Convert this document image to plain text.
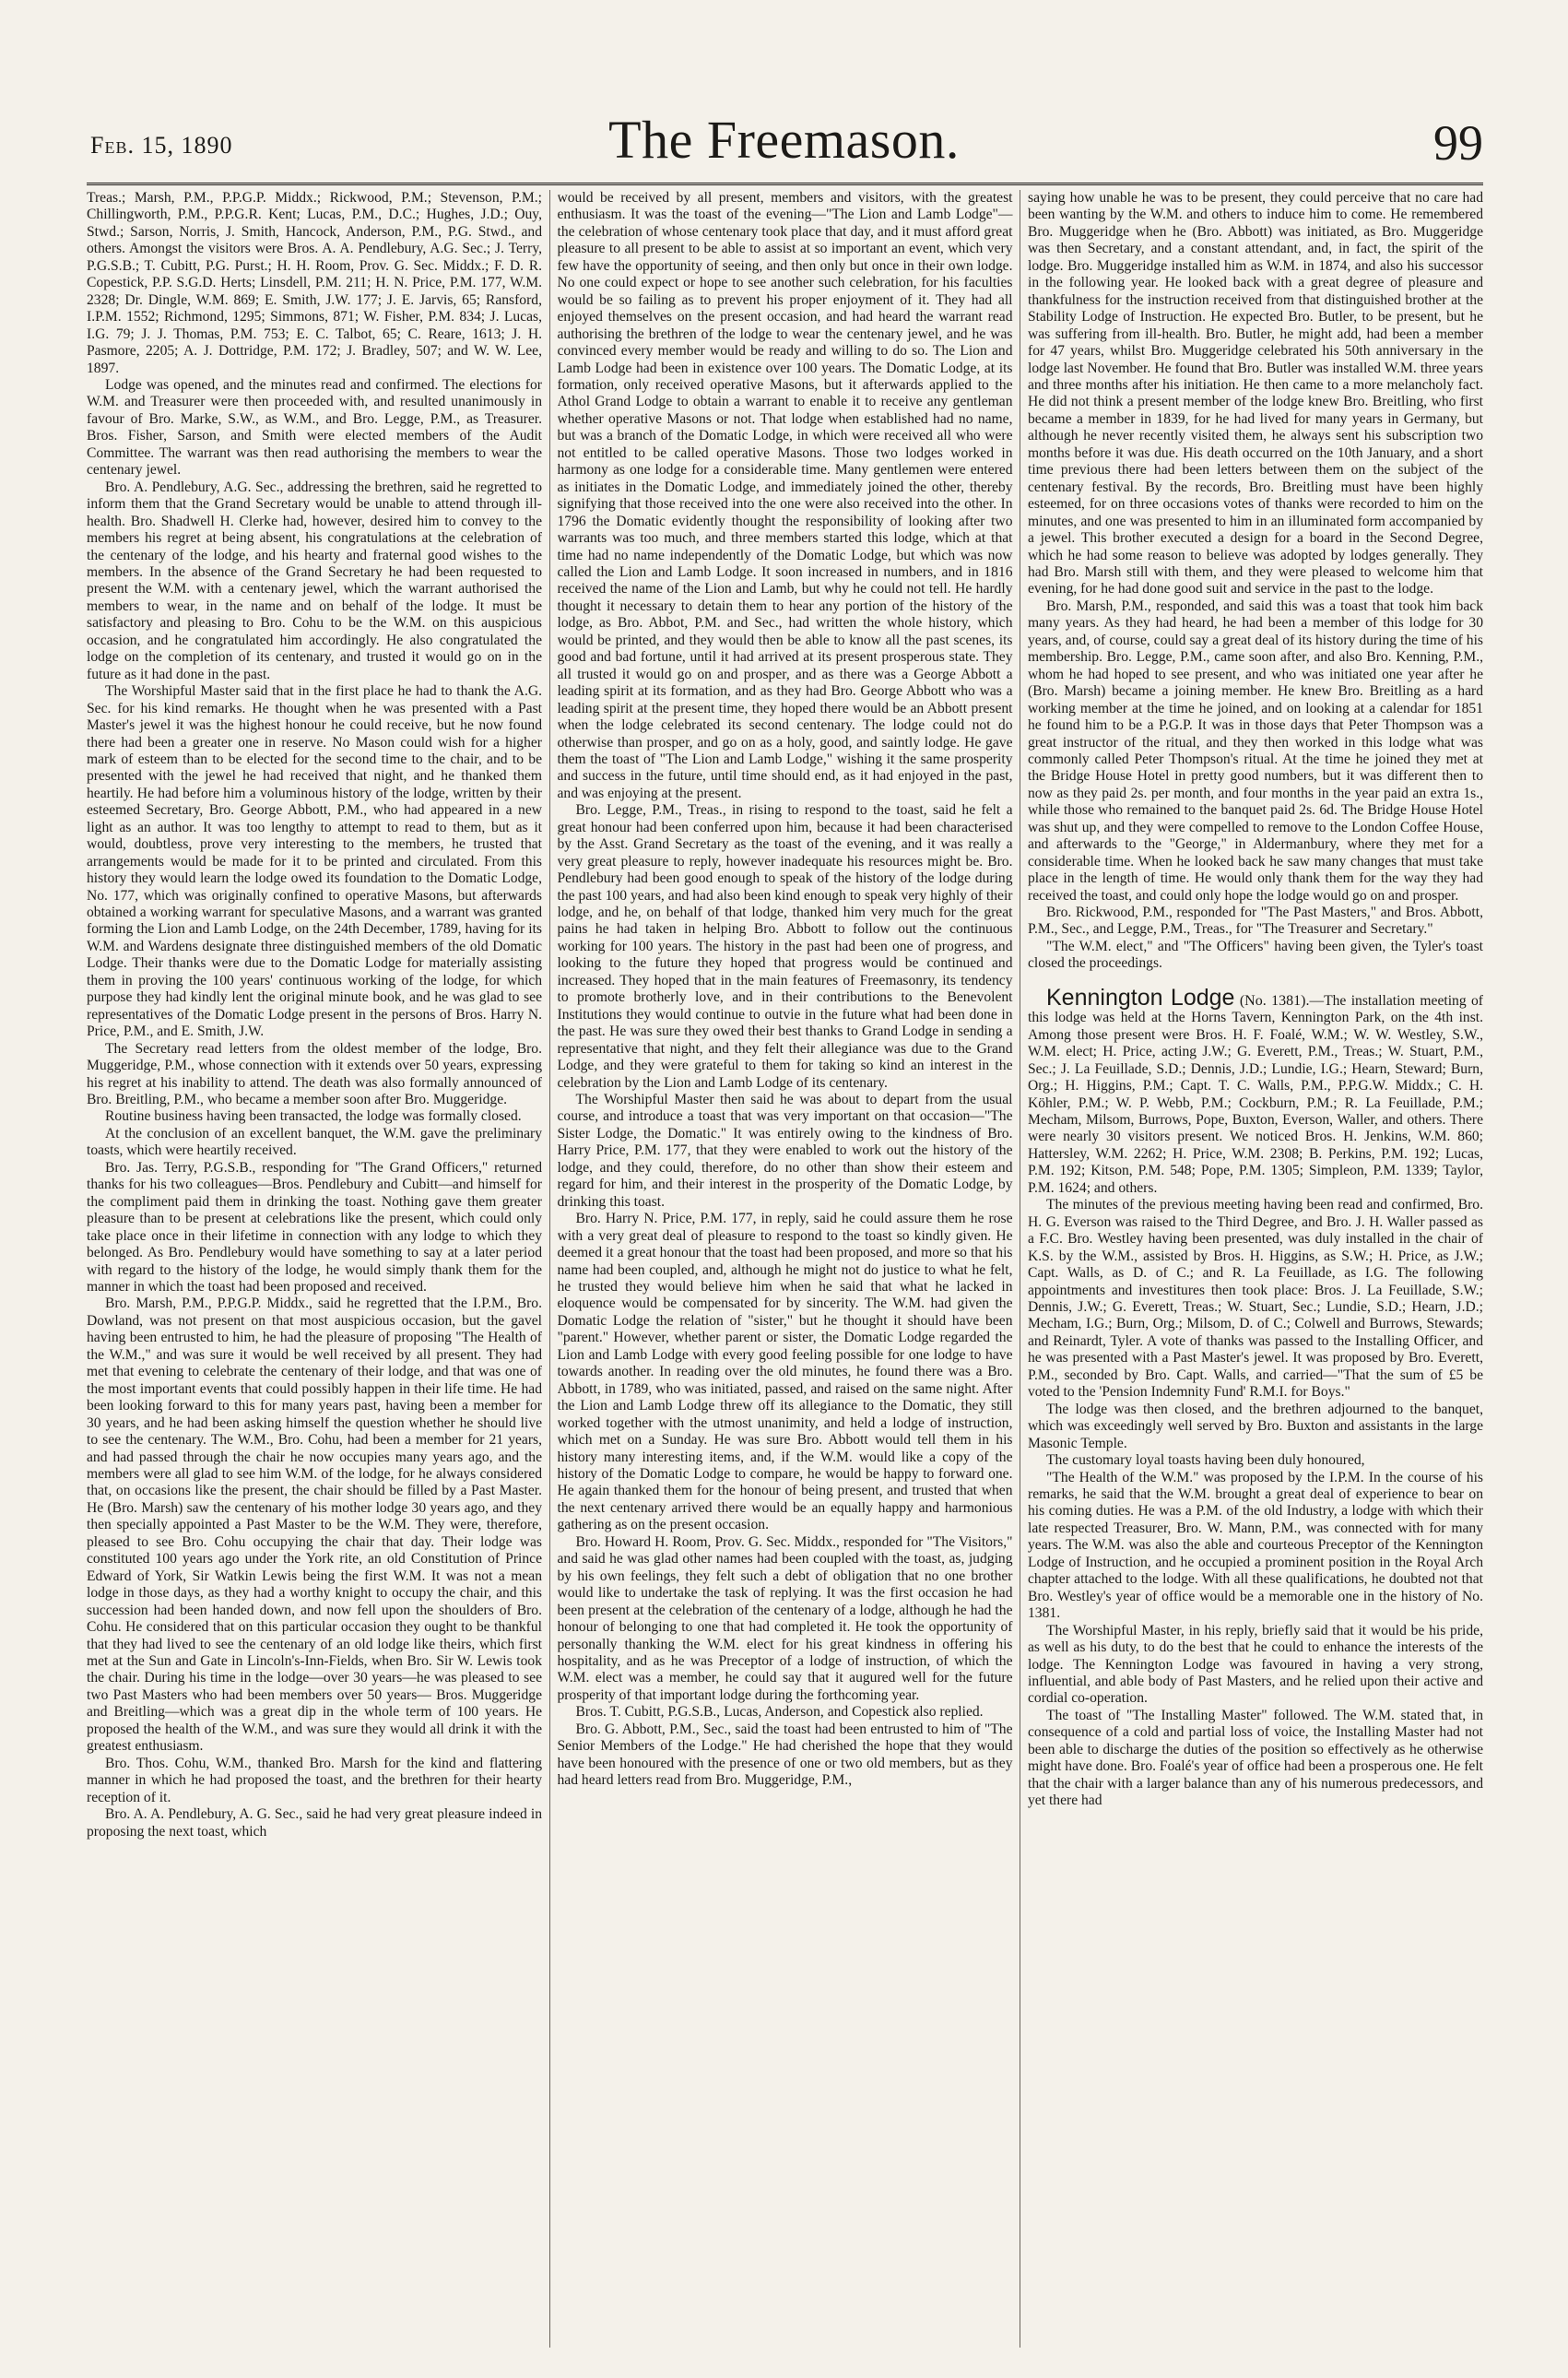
Feb. 15, 1890	The Freemason.	99

Treas.; Marsh, P.M., P.P.G.P. Middx.; Rickwood, P.M.; Stevenson, P.M.; Chillingworth, P.M., P.P.G.R. Kent; Lucas, P.M., D.C.; Hughes, J.D.; Ouy, Stwd.; Sarson, Norris, J. Smith, Hancock, Anderson, P.M., P.G. Stwd., and others. Amongst the visitors were Bros. A. A. Pendlebury, A.G. Sec.; J. Terry, P.G.S.B.; T. Cubitt, P.G. Purst.; H. H. Room, Prov. G. Sec. Middx.; F. D. R. Copestick, P.P. S.G.D. Herts; Linsdell, P.M. 211; H. N. Price, P.M. 177, W.M. 2328; Dr. Dingle, W.M. 869; E. Smith, J.W. 177; J. E. Jarvis, 65; Ransford, I.P.M. 1552; Richmond, 1295; Simmons, 871; W. Fisher, P.M. 834; J. Lucas, I.G. 79; J. J. Thomas, P.M. 753; E. C. Talbot, 65; C. Reare, 1613; J. H. Pasmore, 2205; A. J. Dottridge, P.M. 172; J. Bradley, 507; and W. W. Lee, 1897.

Lodge was opened, and the minutes read and confirmed. The elections for W.M. and Treasurer were then proceeded with, and resulted unanimously in favour of Bro. Marke, S.W., as W.M., and Bro. Legge, P.M., as Treasurer. Bros. Fisher, Sarson, and Smith were elected members of the Audit Committee. The warrant was then read authorising the members to wear the centenary jewel.

Bro. A. Pendlebury, A.G. Sec., addressing the brethren, said he regretted to inform them that the Grand Secretary would be unable to attend through ill-health. Bro. Shadwell H. Clerke had, however, desired him to convey to the members his regret at being absent, his congratulations at the celebration of the centenary of the lodge, and his hearty and fraternal good wishes to the members. In the absence of the Grand Secretary he had been requested to present the W.M. with a centenary jewel, which the warrant authorised the members to wear, in the name and on behalf of the lodge. It must be satisfactory and pleasing to Bro. Cohu to be the W.M. on this auspicious occasion, and he congratulated him accordingly. He also congratulated the lodge on the completion of its centenary, and trusted it would go on in the future as it had done in the past.

The Worshipful Master said that in the first place he had to thank the A.G. Sec. for his kind remarks. He thought when he was presented with a Past Master's jewel it was the highest honour he could receive, but he now found there had been a greater one in reserve. No Mason could wish for a higher mark of esteem than to be elected for the second time to the chair, and to be presented with the jewel he had received that night, and he thanked them heartily. He had before him a voluminous history of the lodge, written by their esteemed Secretary, Bro. George Abbott, P.M., who had appeared in a new light as an author. It was too lengthy to attempt to read to them, but as it would, doubtless, prove very interesting to the members, he trusted that arrangements would be made for it to be printed and circulated. From this history they would learn the lodge owed its foundation to the Domatic Lodge, No. 177, which was originally confined to operative Masons, but afterwards obtained a working warrant for speculative Masons, and a warrant was granted forming the Lion and Lamb Lodge, on the 24th December, 1789, having for its W.M. and Wardens designate three distinguished members of the old Domatic Lodge. Their thanks were due to the Domatic Lodge for materially assisting them in proving the 100 years' continuous working of the lodge, for which purpose they had kindly lent the original minute book, and he was glad to see representatives of the Domatic Lodge present in the persons of Bros. Harry N. Price, P.M., and E. Smith, J.W.

The Secretary read letters from the oldest member of the lodge, Bro. Muggeridge, P.M., whose connection with it extends over 50 years, expressing his regret at his inability to attend. The death was also formally announced of Bro. Breitling, P.M., who became a member soon after Bro. Muggeridge.

Routine business having been transacted, the lodge was formally closed.

At the conclusion of an excellent banquet, the W.M. gave the preliminary toasts, which were heartily received.

Bro. Jas. Terry, P.G.S.B., responding for "The Grand Officers," returned thanks for his two colleagues—Bros. Pendlebury and Cubitt—and himself for the compliment paid them in drinking the toast. Nothing gave them greater pleasure than to be present at celebrations like the present, which could only take place once in their lifetime in connection with any lodge to which they belonged. As Bro. Pendlebury would have something to say at a later period with regard to the history of the lodge, he would simply thank them for the manner in which the toast had been proposed and received.

Bro. Marsh, P.M., P.P.G.P. Middx., said he regretted that the I.P.M., Bro. Dowland, was not present on that most auspicious occasion, but the gavel having been entrusted to him, he had the pleasure of proposing "The Health of the W.M.," and was sure it would be well received by all present. They had met that evening to celebrate the centenary of their lodge, and that was one of the most important events that could possibly happen in their life time. He had been looking forward to this for many years past, having been a member for 30 years, and he had been asking himself the question whether he should live to see the centenary. The W.M., Bro. Cohu, had been a member for 21 years, and had passed through the chair he now occupies many years ago, and the members were all glad to see him W.M. of the lodge, for he always considered that, on occasions like the present, the chair should be filled by a Past Master. He (Bro. Marsh) saw the centenary of his mother lodge 30 years ago, and they then specially appointed a Past Master to be the W.M. They were, therefore, pleased to see Bro. Cohu occupying the chair that day. Their lodge was constituted 100 years ago under the York rite, an old Constitution of Prince Edward of York, Sir Watkin Lewis being the first W.M. It was not a mean lodge in those days, as they had a worthy knight to occupy the chair, and this succession had been handed down, and now fell upon the shoulders of Bro. Cohu. He considered that on this particular occasion they ought to be thankful that they had lived to see the centenary of an old lodge like theirs, which first met at the Sun and Gate in Lincoln's-Inn-Fields, when Bro. Sir W. Lewis took the chair. During his time in the lodge—over 30 years—he was pleased to see two Past Masters who had been members over 50 years— Bros. Muggeridge and Breitling—which was a great dip in the whole term of 100 years. He proposed the health of the W.M., and was sure they would all drink it with the greatest enthusiasm.

Bro. Thos. Cohu, W.M., thanked Bro. Marsh for the kind and flattering manner in which he had proposed the toast, and the brethren for their hearty reception of it.

Bro. A. A. Pendlebury, A. G. Sec., said he had very great pleasure indeed in proposing the next toast, which

would be received by all present, members and visitors, with the greatest enthusiasm. It was the toast of the evening—"The Lion and Lamb Lodge"—the celebration of whose centenary took place that day, and it must afford great pleasure to all present to be able to assist at so important an event, which very few have the opportunity of seeing, and then only but once in their own lodge. No one could expect or hope to see another such celebration, for his faculties would be so failing as to prevent his proper enjoyment of it. They had all enjoyed themselves on the present occasion, and had heard the warrant read authorising the brethren of the lodge to wear the centenary jewel, and he was convinced every member would be ready and willing to do so. The Lion and Lamb Lodge had been in existence over 100 years. The Domatic Lodge, at its formation, only received operative Masons, but it afterwards applied to the Athol Grand Lodge to obtain a warrant to enable it to receive any gentleman whether operative Masons or not. That lodge when established had no name, but was a branch of the Domatic Lodge, in which were received all who were not entitled to be called operative Masons. Those two lodges worked in harmony as one lodge for a considerable time. Many gentlemen were entered as initiates in the Domatic Lodge, and immediately joined the other, thereby signifying that those received into the one were also received into the other. In 1796 the Domatic evidently thought the responsibility of looking after two warrants was too much, and three members started this lodge, which at that time had no name independently of the Domatic Lodge, but which was now called the Lion and Lamb Lodge. It soon increased in numbers, and in 1816 received the name of the Lion and Lamb, but why he could not tell. He hardly thought it necessary to detain them to hear any portion of the history of the lodge, as Bro. Abbot, P.M. and Sec., had written the whole history, which would be printed, and they would then be able to know all the past scenes, its good and bad fortune, until it had arrived at its present prosperous state. They all trusted it would go on and prosper, and as there was a George Abbott a leading spirit at its formation, and as they had Bro. George Abbott who was a leading spirit at the present time, they hoped there would be an Abbott present when the lodge celebrated its second centenary. The lodge could not do otherwise than prosper, and go on as a holy, good, and saintly lodge. He gave them the toast of "The Lion and Lamb Lodge," wishing it the same prosperity and success in the future, until time should end, as it had enjoyed in the past, and was enjoying at the present.

Bro. Legge, P.M., Treas., in rising to respond to the toast, said he felt a great honour had been conferred upon him, because it had been characterised by the Asst. Grand Secretary as the toast of the evening, and it was really a very great pleasure to reply, however inadequate his resources might be. Bro. Pendlebury had been good enough to speak of the history of the lodge during the past 100 years, and had also been kind enough to speak very highly of their lodge, and he, on behalf of that lodge, thanked him very much for the great pains he had taken in helping Bro. Abbott to follow out the continuous working for 100 years. The history in the past had been one of progress, and looking to the future they hoped that progress would be continued and increased. They hoped that in the main features of Freemasonry, its tendency to promote brotherly love, and in their contributions to the Benevolent Institutions they would continue to outvie in the future what had been done in the past. He was sure they owed their best thanks to Grand Lodge in sending a representative that night, and they felt their allegiance was due to the Grand Lodge, and they were grateful to them for taking so kind an interest in the celebration by the Lion and Lamb Lodge of its centenary.

The Worshipful Master then said he was about to depart from the usual course, and introduce a toast that was very important on that occasion—"The Sister Lodge, the Domatic." It was entirely owing to the kindness of Bro. Harry Price, P.M. 177, that they were enabled to work out the history of the lodge, and they could, therefore, do no other than show their esteem and regard for him, and their interest in the prosperity of the Domatic Lodge, by drinking this toast.

Bro. Harry N. Price, P.M. 177, in reply, said he could assure them he rose with a very great deal of pleasure to respond to the toast so kindly given. He deemed it a great honour that the toast had been proposed, and more so that his name had been coupled, and, although he might not do justice to what he felt, he trusted they would believe him when he said that what he lacked in eloquence would be compensated for by sincerity. The W.M. had given the Domatic Lodge the relation of "sister," but he thought it should have been "parent." However, whether parent or sister, the Domatic Lodge regarded the Lion and Lamb Lodge with every good feeling possible for one lodge to have towards another. In reading over the old minutes, he found there was a Bro. Abbott, in 1789, who was initiated, passed, and raised on the same night. After the Lion and Lamb Lodge threw off its allegiance to the Domatic, they still worked together with the utmost unanimity, and held a lodge of instruction, which met on a Sunday. He was sure Bro. Abbott would tell them in his history many interesting items, and, if the W.M. would like a copy of the history of the Domatic Lodge to compare, he would be happy to forward one. He again thanked them for the honour of being present, and trusted that when the next centenary arrived there would be an equally happy and harmonious gathering as on the present occasion.

Bro. Howard H. Room, Prov. G. Sec. Middx., responded for "The Visitors," and said he was glad other names had been coupled with the toast, as, judging by his own feelings, they felt such a debt of obligation that no one brother would like to undertake the task of replying. It was the first occasion he had been present at the celebration of the centenary of a lodge, although he had the honour of belonging to one that had completed it. He took the opportunity of personally thanking the W.M. elect for his great kindness in offering his hospitality, and as he was Preceptor of a lodge of instruction, of which the W.M. elect was a member, he could say that it augured well for the future prosperity of that important lodge during the forthcoming year.

Bros. T. Cubitt, P.G.S.B., Lucas, Anderson, and Copestick also replied.

Bro. G. Abbott, P.M., Sec., said the toast had been entrusted to him of "The Senior Members of the Lodge." He had cherished the hope that they would have been honoured with the presence of one or two old members, but as they had heard letters read from Bro. Muggeridge, P.M.,

saying how unable he was to be present, they could perceive that no care had been wanting by the W.M. and others to induce him to come. He remembered Bro. Muggeridge when he (Bro. Abbott) was initiated, as Bro. Muggeridge was then Secretary, and a constant attendant, and, in fact, the spirit of the lodge. Bro. Muggeridge installed him as W.M. in 1874, and also his successor in the following year. He looked back with a great degree of pleasure and thankfulness for the instruction received from that distinguished brother at the Stability Lodge of Instruction. He expected Bro. Butler, to be present, but he was suffering from ill-health. Bro. Butler, he might add, had been a member for 47 years, whilst Bro. Muggeridge celebrated his 50th anniversary in the lodge last November. He found that Bro. Butler was installed W.M. three years and three months after his initiation. He then came to a more melancholy fact. He did not think a present member of the lodge knew Bro. Breitling, who first became a member in 1839, for he had lived for many years in Germany, but although he never recently visited them, he always sent his subscription two months before it was due. His death occurred on the 10th January, and a short time previous there had been letters between them on the subject of the centenary festival. By the records, Bro. Breitling must have been highly esteemed, for on three occasions votes of thanks were recorded to him on the minutes, and one was presented to him in an illuminated form accompanied by a jewel. This brother executed a design for a board in the Second Degree, which he had some reason to believe was adopted by lodges generally. They had Bro. Marsh still with them, and they were pleased to welcome him that evening, for he had done good suit and service in the past to the lodge.

Bro. Marsh, P.M., responded, and said this was a toast that took him back many years. As they had heard, he had been a member of this lodge for 30 years, and, of course, could say a great deal of its history during the time of his membership. Bro. Legge, P.M., came soon after, and also Bro. Kenning, P.M., whom he had hoped to see present, and who was initiated one year after he (Bro. Marsh) became a joining member. He knew Bro. Breitling as a hard working member at the time he joined, and on looking at a calendar for 1851 he found him to be a P.G.P. It was in those days that Peter Thompson was a great instructor of the ritual, and they then worked in this lodge what was commonly called Peter Thompson's ritual. At the time he joined they met at the Bridge House Hotel in pretty good numbers, but it was different then to now as they paid 2s. per month, and four months in the year paid an extra 1s., while those who remained to the banquet paid 2s. 6d. The Bridge House Hotel was shut up, and they were compelled to remove to the London Coffee House, and afterwards to the "George," in Aldermanbury, where they met for a considerable time. When he looked back he saw many changes that must take place in the length of time. He would only thank them for the way they had received the toast, and could only hope the lodge would go on and prosper.

Bro. Rickwood, P.M., responded for "The Past Masters," and Bros. Abbott, P.M., Sec., and Legge, P.M., Treas., for "The Treasurer and Secretary."

"The W.M. elect," and "The Officers" having been given, the Tyler's toast closed the proceedings.

Kennington Lodge (No. 1381).—The installation meeting of this lodge was held at the Horns Tavern, Kennington Park, on the 4th inst. Among those present were Bros. H. F. Foalé, W.M.; W. W. Westley, S.W., W.M. elect; H. Price, acting J.W.; G. Everett, P.M., Treas.; W. Stuart, P.M., Sec.; J. La Feuillade, S.D.; Dennis, J.D.; Lundie, I.G.; Hearn, Steward; Burn, Org.; H. Higgins, P.M.; Capt. T. C. Walls, P.M., P.P.G.W. Middx.; C. H. Köhler, P.M.; W. P. Webb, P.M.; Cockburn, P.M.; R. La Feuillade, P.M.; Mecham, Milsom, Burrows, Pope, Buxton, Everson, Waller, and others. There were nearly 30 visitors present. We noticed Bros. H. Jenkins, W.M. 860; Hattersley, W.M. 2262; H. Price, W.M. 2308; B. Perkins, P.M. 192; Lucas, P.M. 192; Kitson, P.M. 548; Pope, P.M. 1305; Simpleon, P.M. 1339; Taylor, P.M. 1624; and others.

The minutes of the previous meeting having been read and confirmed, Bro. H. G. Everson was raised to the Third Degree, and Bro. J. H. Waller passed as a F.C. Bro. Westley having been presented, was duly installed in the chair of K.S. by the W.M., assisted by Bros. H. Higgins, as S.W.; H. Price, as J.W.; Capt. Walls, as D. of C.; and R. La Feuillade, as I.G. The following appointments and investitures then took place: Bros. J. La Feuillade, S.W.; Dennis, J.W.; G. Everett, Treas.; W. Stuart, Sec.; Lundie, S.D.; Hearn, J.D.; Mecham, I.G.; Burn, Org.; Milsom, D. of C.; Colwell and Burrows, Stewards; and Reinardt, Tyler. A vote of thanks was passed to the Installing Officer, and he was presented with a Past Master's jewel. It was proposed by Bro. Everett, P.M., seconded by Bro. Capt. Walls, and carried—"That the sum of £5 be voted to the 'Pension Indemnity Fund' R.M.I. for Boys."

The lodge was then closed, and the brethren adjourned to the banquet, which was exceedingly well served by Bro. Buxton and assistants in the large Masonic Temple.

The customary loyal toasts having been duly honoured,

"The Health of the W.M." was proposed by the I.P.M. In the course of his remarks, he said that the W.M. brought a great deal of experience to bear on his coming duties. He was a P.M. of the old Industry, a lodge with which their late respected Treasurer, Bro. W. Mann, P.M., was connected with for many years. The W.M. was also the able and courteous Preceptor of the Kennington Lodge of Instruction, and he occupied a prominent position in the Royal Arch chapter attached to the lodge. With all these qualifications, he doubted not that Bro. Westley's year of office would be a memorable one in the history of No. 1381.

The Worshipful Master, in his reply, briefly said that it would be his pride, as well as his duty, to do the best that he could to enhance the interests of the lodge. The Kennington Lodge was favoured in having a very strong, influential, and able body of Past Masters, and he relied upon their active and cordial co-operation.

The toast of "The Installing Master" followed. The W.M. stated that, in consequence of a cold and partial loss of voice, the Installing Master had not been able to discharge the duties of the position so effectively as he otherwise might have done. Bro. Foalé's year of office had been a prosperous one. He felt that the chair with a larger balance than any of his numerous predecessors, and yet there had
